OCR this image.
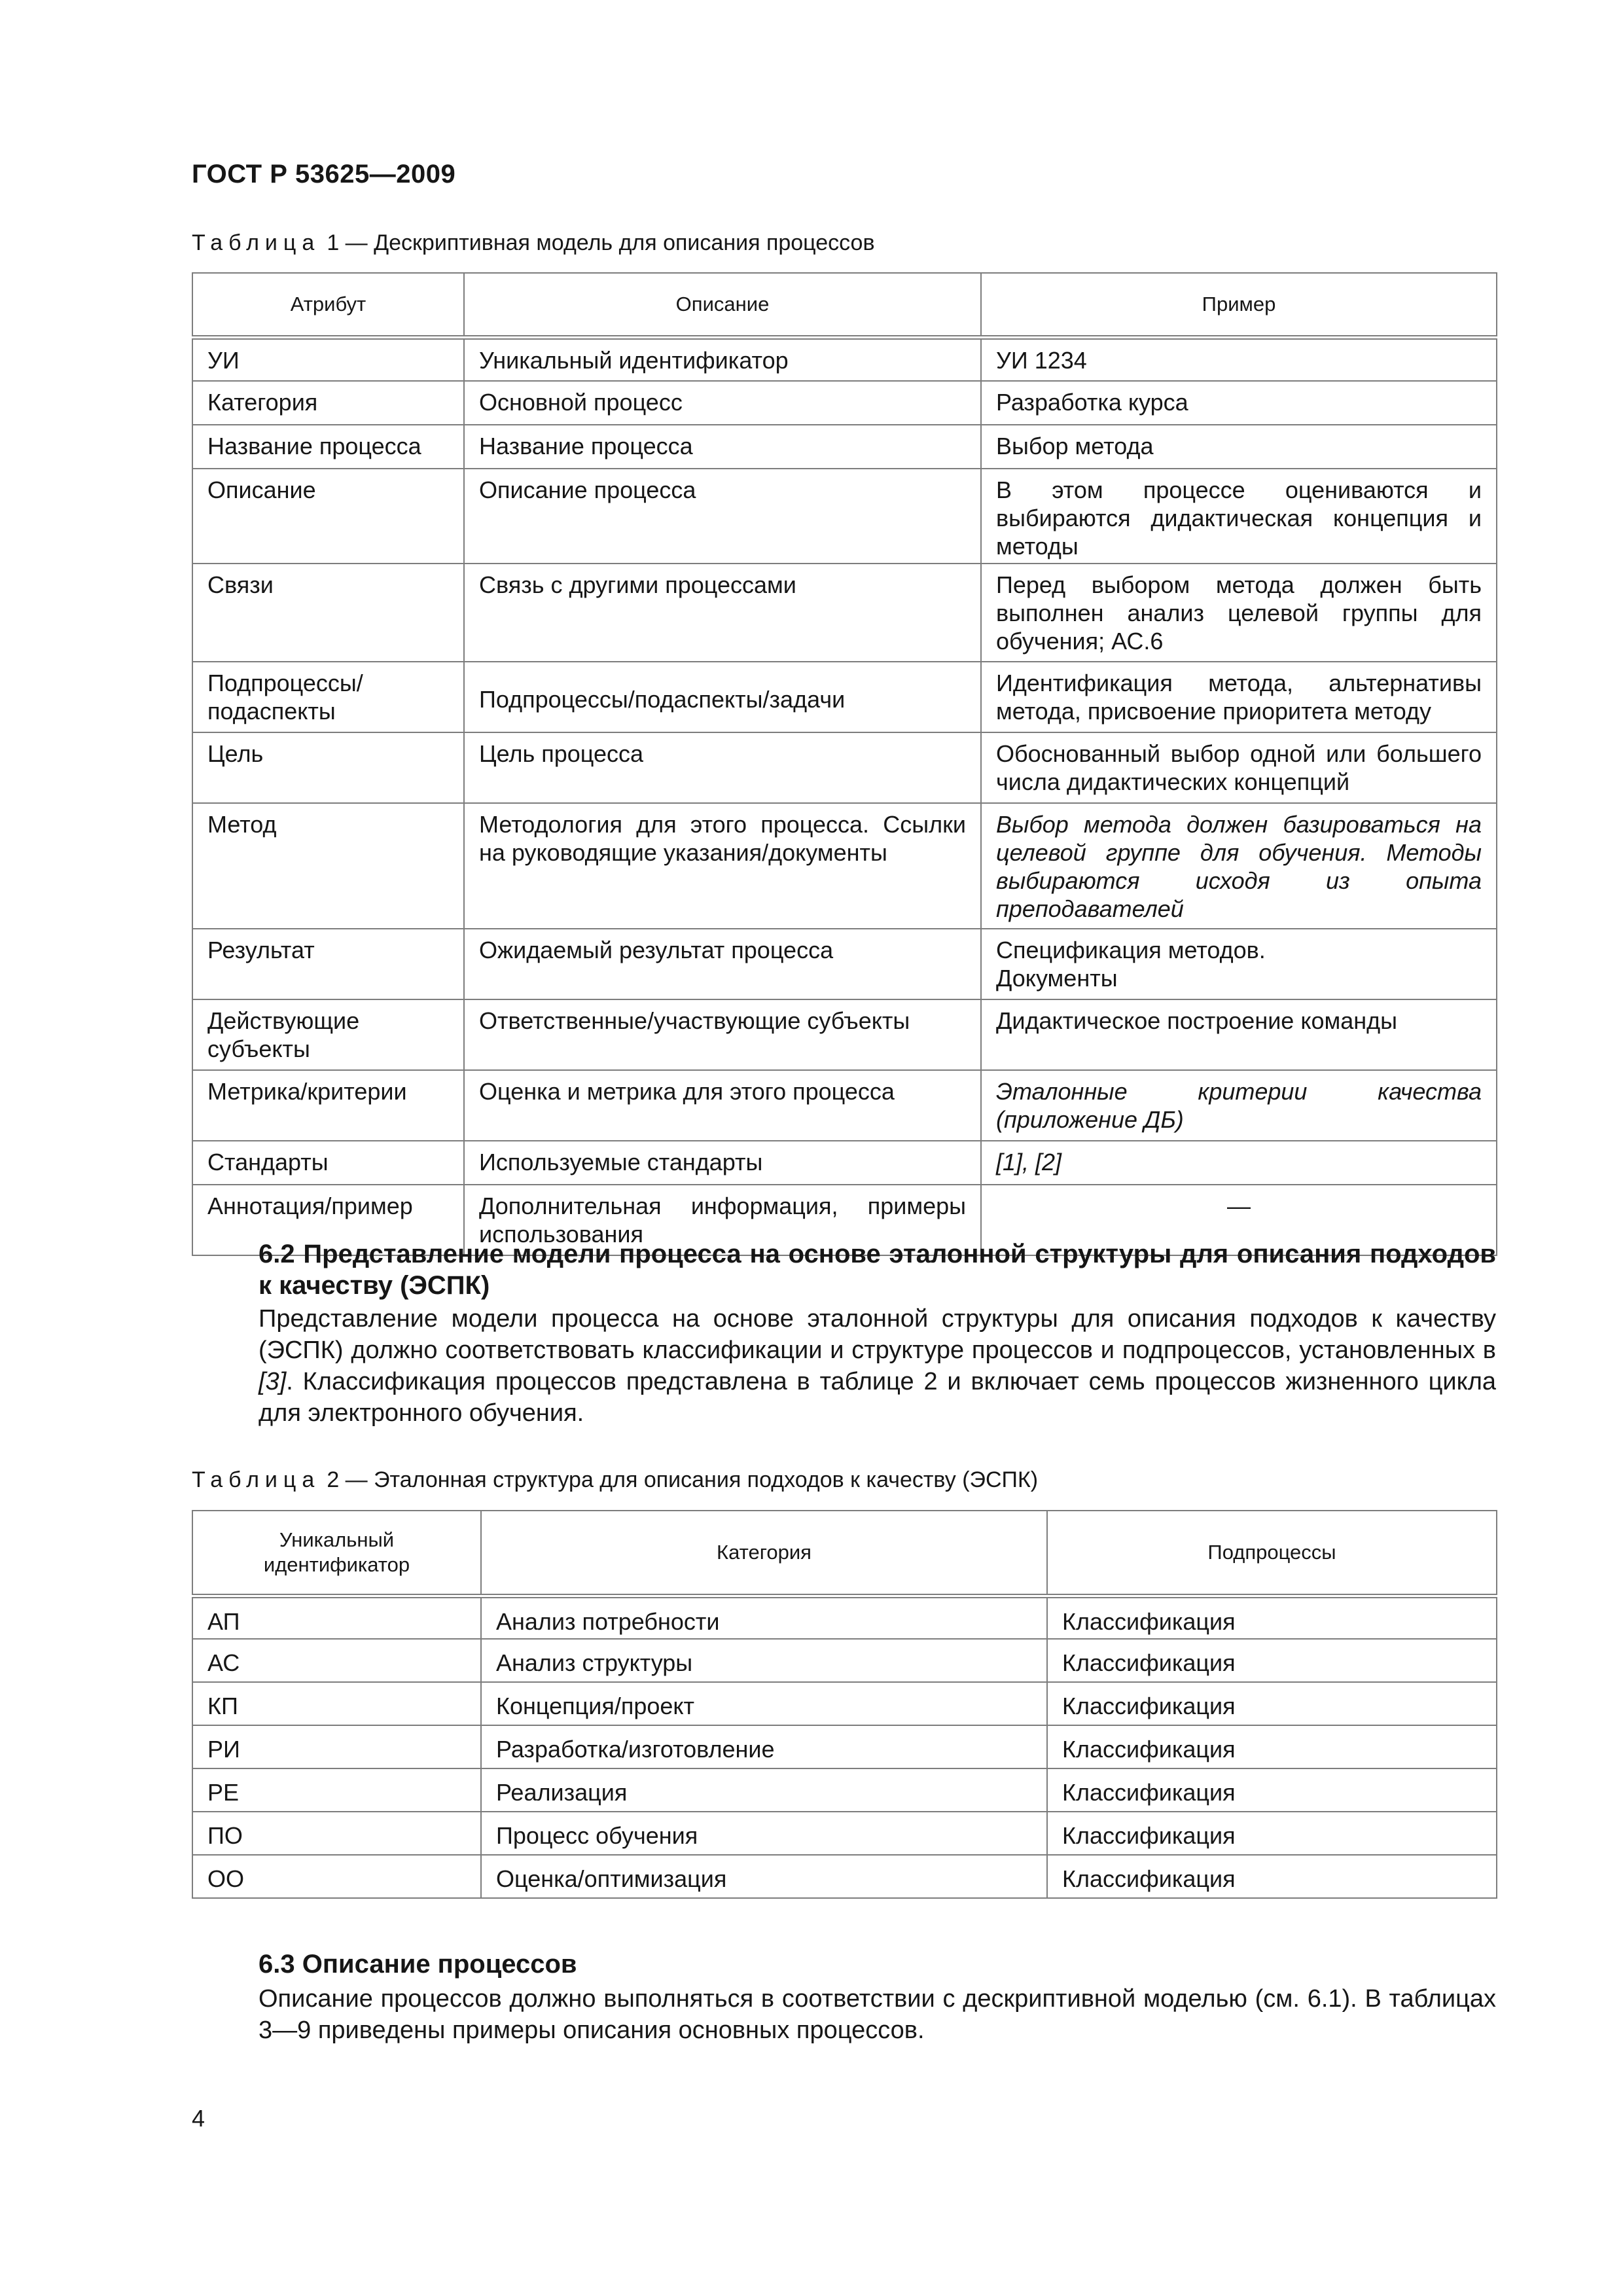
ГОСТ Р 53625—2009
Таблица 1 — Дескриптивная модель для описания процессов
Атрибут	Описание	Пример
УИ	Уникальный идентификатор	УИ 1234
Категория	Основной процесс	Разработка курса
Название процесса	Название процесса	Выбор метода
Описание	Описание процесса	В этом процессе оцениваются и выбираются дидактическая концепция и методы
Связи	Связь с другими процессами	Перед выбором метода должен быть выполнен анализ целевой группы для обучения; АС.6
Подпроцессы/подаспекты	Подпроцессы/подаспекты/задачи	Идентификация метода, альтернативы метода, присвоение приоритета методу
Цель	Цель процесса	Обоснованный выбор одной или большего числа дидактических концепций
Метод	Методология для этого процесса. Ссылки на руководящие указания/документы	Выбор метода должен базироваться на целевой группе для обучения. Методы выбираются исходя из опыта преподавателей
Результат	Ожидаемый результат процесса	Спецификация методов.
Документы
Действующие субъекты	Ответственные/участвующие субъекты	Дидактическое построение команды
Метрика/критерии	Оценка и метрика для этого процесса	Эталонные критерии качества (приложение ДБ)
Стандарты	Используемые стандарты	[1], [2]
Аннотация/пример	Дополнительная информация, примеры использования	—
6.2 Представление модели процесса на основе эталонной структуры для описания подходов к качеству (ЭСПК)
Представление модели процесса на основе эталонной структуры для описания подходов к качеству (ЭСПК) должно соответствовать классификации и структуре процессов и подпроцессов, установленных в [3]. Классификация процессов представлена в таблице 2 и включает семь процессов жизненного цикла для электронного обучения.
Таблица 2 — Эталонная структура для описания подходов к качеству (ЭСПК)
Уникальный идентификатор	Категория	Подпроцессы
АП	Анализ потребности	Классификация
АС	Анализ структуры	Классификация
КП	Концепция/проект	Классификация
РИ	Разработка/изготовление	Классификация
РЕ	Реализация	Классификация
ПО	Процесс обучения	Классификация
ОО	Оценка/оптимизация	Классификация
6.3 Описание процессов
Описание процессов должно выполняться в соответствии с дескриптивной моделью (см. 6.1). В таблицах 3—9 приведены примеры описания основных процессов.
4
